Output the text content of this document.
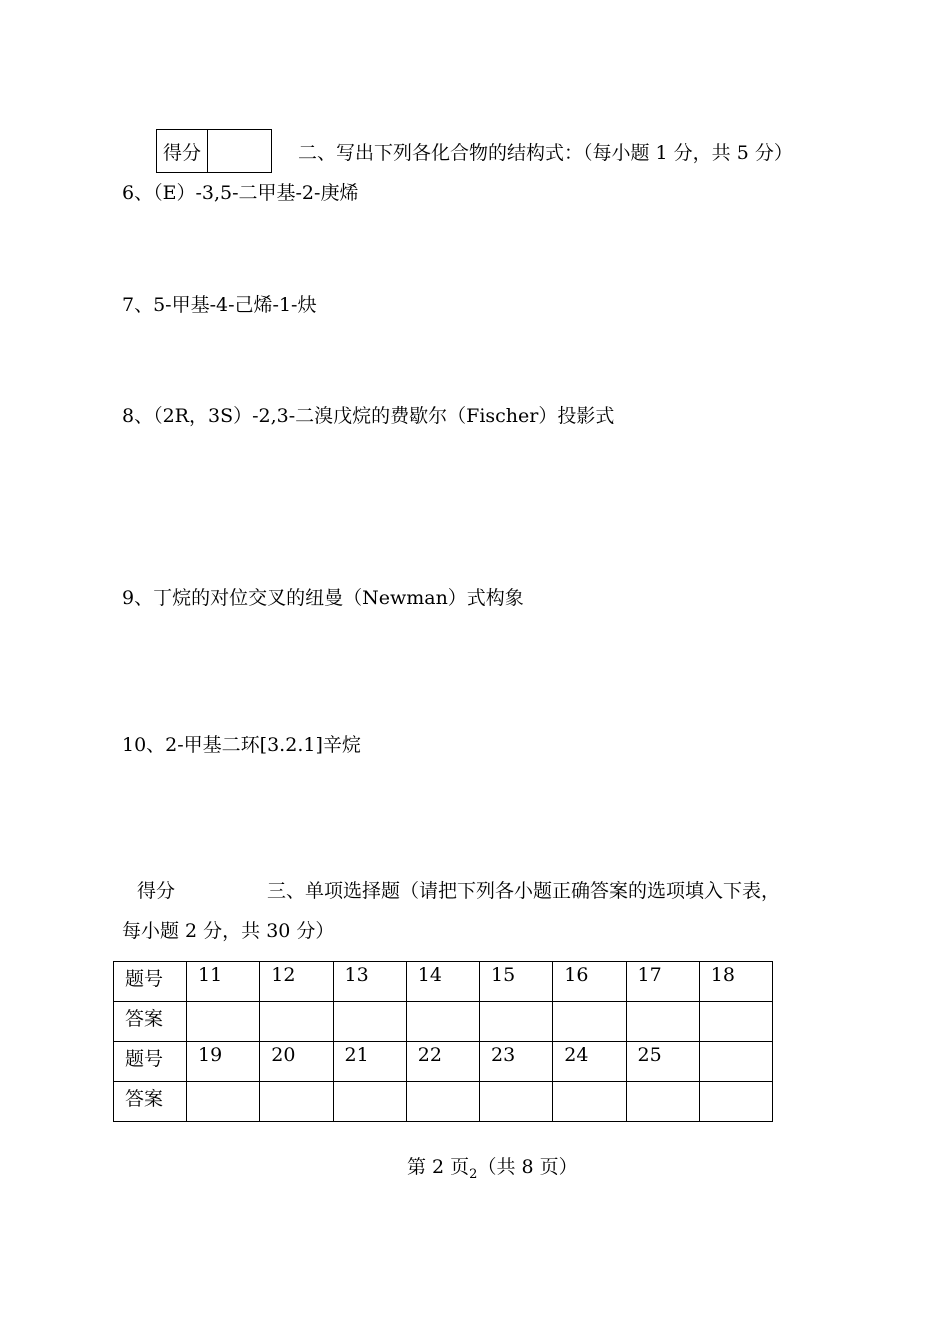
得分	二、写出下列各化合物的结构式：（每小题 1 分，共 5 分）
6、（E）-3,5-二甲基-2-庚烯
7、5-甲基-4-己烯-1-炔
8、（2R，3S）-2,3-二溴戊烷的费歇尔（Fischer）投影式
9、丁烷的对位交叉的纽曼（Newman）式构象
10、2-甲基二环[3.2.1]辛烷
得分	三、单项选择题（请把下列各小题正确答案的选项填入下表，
每小题 2 分，共 30 分）
题号	11	12	13	14	15	16	17	18
答案								
题号	19	20	21	22	23	24	25	
答案								
第 2 页$_2$（共 8 页）
